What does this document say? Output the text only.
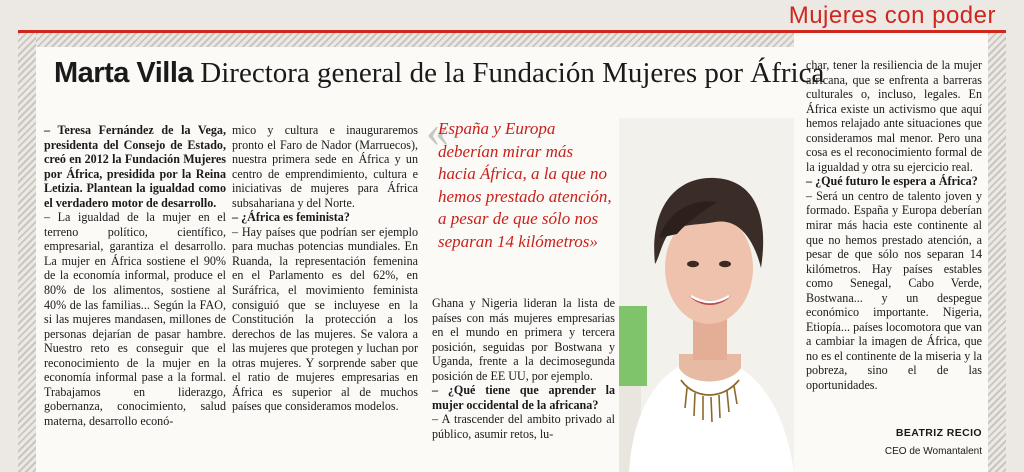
Mujeres con poder
Marta Villa Directora general de la Fundación Mujeres por África

– Teresa Fernández de la Vega, presidenta del Consejo de Estado, creó en 2012 la Fundación Mujeres por África, presidida por la Reina Letizia. Plantean la igualdad como el verdadero motor de desarrollo.

– La igualdad de la mujer en el terreno político, científico, empresarial, garantiza el desarrollo. La mujer en África sostiene el 90% de la economía informal, produce el 80% de los alimentos, sostiene al 40% de las familias... Según la FAO, si las mujeres mandasen, millones de personas dejarían de pasar hambre. Nuestro reto es conseguir que el reconocimiento de la mujer en la economía informal pase a la formal. Trabajamos en liderazgo, gobernanza, conocimiento, salud materna, desarrollo econó-

mico y cultura e inauguraremos pronto el Faro de Nador (Marruecos), nuestra primera sede en África y un centro de emprendimiento, cultura e iniciativas de mujeres para África subsahariana y del Norte.

– ¿África es feminista?

– Hay países que podrían ser ejemplo para muchas potencias mundiales. En Ruanda, la representación femenina en el Parlamento es del 62%, en Suráfrica, el movimiento feminista consiguió que se incluyese en la Constitución la protección a los derechos de las mujeres. Se valora a las mujeres que protegen y luchan por otras mujeres. Y sorprende saber que el ratio de mujeres empresarias en África es superior al de muchos países que consideramos modelos.

«
España y Europa deberían mirar más hacia África, a la que no hemos prestado atención, a pesar de que sólo nos separan 14 kilómetros»

Ghana y Nigeria lideran la lista de países con más mujeres empresarias en el mundo en primera y tercera posición, seguidas por Bostwana y Uganda, frente a la decimosegunda posición de EE UU, por ejemplo.

– ¿Qué tiene que aprender la mujer occidental de la africana?

– A trascender del ambito privado al público, asumir retos, lu-

char, tener la resiliencia de la mujer africana, que se enfrenta a barreras culturales o, incluso, legales. En África existe un activismo que aquí hemos relajado ante situaciones que consideramos mal menor. Pero una cosa es el reconocimiento formal de la igualdad y otra su ejercicio real.

– ¿Qué futuro le espera a África?

– Será un centro de talento joven y formado. España y Europa deberían mirar más hacia este continente al que no hemos prestado atención, a pesar de que sólo nos separan 14 kilómetros. Hay países estables como Senegal, Cabo Verde, Bostwana... y un despegue económico importante. Nigeria, Etiopía... países locomotora que van a cambiar la imagen de África, que no es el continente de la miseria y la pobreza, sino el de las oportunidades.

BEATRIZ RECIO
CEO de Womantalent
